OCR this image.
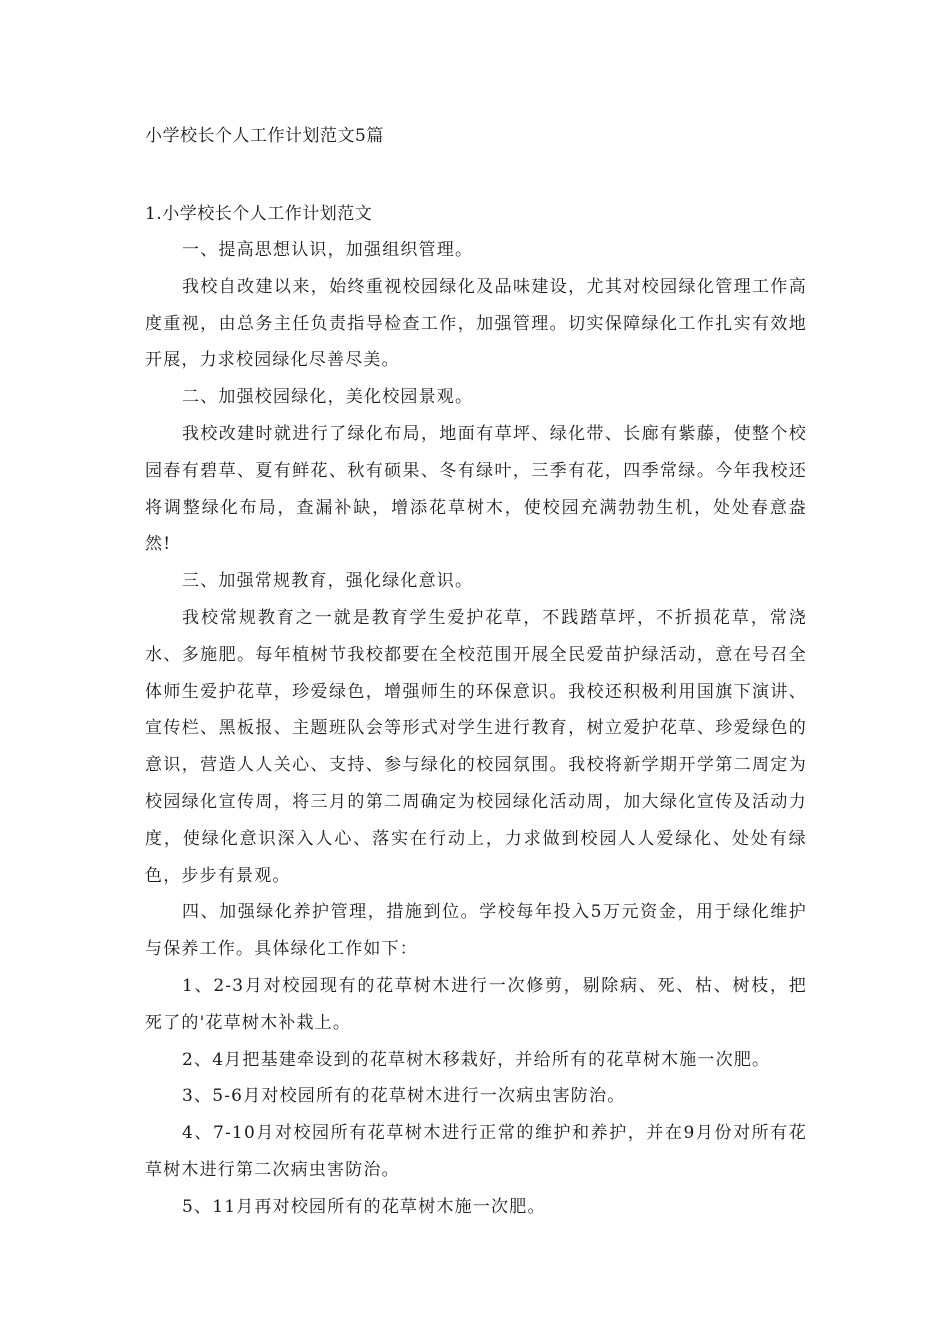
小学校长个人工作计划范文5篇
1.小学校长个人工作计划范文

一、提高思想认识，加强组织管理。

我校自改建以来，始终重视校园绿化及品味建设，尤其对校园绿化管理工作高度重视，由总务主任负责指导检查工作，加强管理。切实保障绿化工作扎实有效地开展，力求校园绿化尽善尽美。

二、加强校园绿化，美化校园景观。

我校改建时就进行了绿化布局，地面有草坪、绿化带、长廊有紫藤，使整个校园春有碧草、夏有鲜花、秋有硕果、冬有绿叶，三季有花，四季常绿。今年我校还将调整绿化布局，查漏补缺，增添花草树木，使校园充满勃勃生机，处处春意盎然!

三、加强常规教育，强化绿化意识。

我校常规教育之一就是教育学生爱护花草，不践踏草坪，不折损花草，常浇水、多施肥。每年植树节我校都要在全校范围开展全民爱苗护绿活动，意在号召全体师生爱护花草，珍爱绿色，增强师生的环保意识。我校还积极利用国旗下演讲、宣传栏、黑板报、主题班队会等形式对学生进行教育，树立爱护花草、珍爱绿色的意识，营造人人关心、支持、参与绿化的校园氛围。我校将新学期开学第二周定为校园绿化宣传周，将三月的第二周确定为校园绿化活动周，加大绿化宣传及活动力度，使绿化意识深入人心、落实在行动上，力求做到校园人人爱绿化、处处有绿色，步步有景观。

四、加强绿化养护管理，措施到位。学校每年投入5万元资金，用于绿化维护与保养工作。具体绿化工作如下：

1、2-3月对校园现有的花草树木进行一次修剪，剔除病、死、枯、树枝，把死了的'花草树木补栽上。

2、4月把基建牵设到的花草树木移栽好，并给所有的花草树木施一次肥。

3、5-6月对校园所有的花草树木进行一次病虫害防治。

4、7-10月对校园所有花草树木进行正常的维护和养护，并在9月份对所有花草树木进行第二次病虫害防治。

5、11月再对校园所有的花草树木施一次肥。
